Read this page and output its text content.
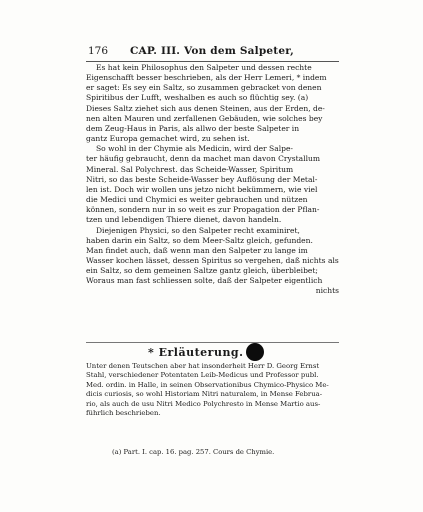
176 CAP. III. Von dem Salpeter,
Es hat kein Philosophus den Salpeter und dessen rechte
Eigenschafft besser beschrieben, als der Herr Lemeri, * indem
er saget: Es sey ein Saltz, so zusammen gebracket von denen
Spiritibus der Lufft, weshalben es auch so flüchtig sey. (a)
Dieses Saltz ziehet sich aus denen Steinen, aus der Erden, de-
nen alten Mauren und zerfallenen Gebäuden, wie solches bey
dem Zeug-Haus in Paris, als allwo der beste Salpeter in
gantz Europa gemachet wird, zu sehen ist.
So wohl in der Chymie als Medicin, wird der Salpe-
ter häufig gebraucht, denn da machet man davon Crystallum
Mineral. Sal Polychrest. das Scheide-Wasser, Spiritum
Nitri, so das beste Scheide-Wasser bey Auflösung der Metal-
len ist. Doch wir wollen uns jetzo nicht bekümmern, wie viel
die Medici und Chymici es weiter gebrauchen und nützen
können, sondern nur in so weit es zur Propagation der Pflan-
tzen und lebendigen Thiere dienet, davon handeln.
Diejenigen Physici, so den Salpeter recht examiniret,
haben darin ein Saltz, so dem Meer-Saltz gleich, gefunden.
Man findet auch, daß wenn man den Salpeter zu lange im
Wasser kochen lässet, dessen Spiritus so vergehen, daß nichts als
ein Saltz, so dem gemeinen Saltze gantz gleich, überbleibet;
Woraus man fast schliessen solte, daß der Salpeter eigentlich
nichts
* Erläuterung.
Unter denen Teutschen aber hat insonderheit Herr D. Georg Ernst
Stahl, verschiedener Potentaten Leib-Medicus und Professor publ.
Med. ordin. in Halle, in seinen Observationibus Chymico-Physico Me-
dicis curiosis, so wohl Historiam Nitri naturalem, in Mense Februa-
rio, als auch de usu Nitri Medico Polychresto in Mense Martio aus-
führlich beschrieben.
(a) Part. I. cap. 16. pag. 257. Cours de Chymie.
